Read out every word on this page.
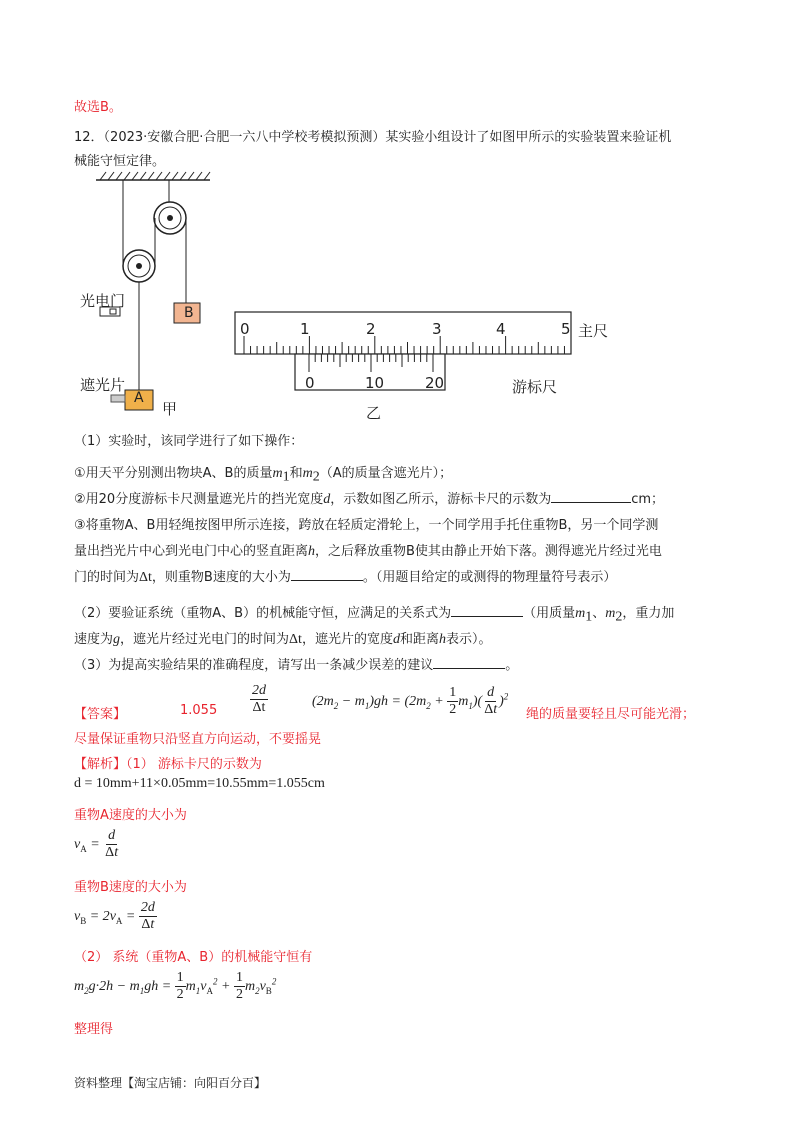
故选B。
12．（2023·安徽合肥·合肥一六八中学校考模拟预测）某实验小组设计了如图甲所示的实验装置来验证机
械能守恒定律。
光电门
遮光片
B
A
甲
0	1	2	3	4	5 主尺
0	10	20	游标尺
乙
（1）实验时，该同学进行了如下操作：
①用天平分别测出物块A、B的质量$m_1$和$m_2(A$的质量含遮光片）；
②用20分度游标卡尺测量遮光片的挡光宽度d，示数如图乙所示，游标卡尺的示数为	cm；
③将重物A、B用轻绳按图甲所示连接，跨放在轻质定滑轮上，一个同学用手托住重物B，另一个同学测
量出挡光片中心到光电门中心的竖直距离h，之后释放重物B使其由静止开始下落。测得遮光片经过光电
门的时间为Δt，则重物B速度的大小为	。（用题目给定的或测得的物理量符号表示）
（2）要验证系统（重物A、B）的机械能守恒，应满足的关系式为	（用质量$m_1$、$m_2$，重力加
速度为g，遮光片经过光电门的时间为Δt，遮光片的宽度d和距离h表示）。
（3）为提高实验结果的准确程度，请写出一条减少误差的建议	。
【答案】	$1.055 \frac{2d}{\Delta t}$	$(2m_2 - m_1)gh = (2m_2 + \frac{1}{2} m_1)( \frac{d}{\Delta t} )^2$
绳的质量要轻且尽可能光滑；
尽量保证重物只沿竖直方向运动，不要摇晃
【解析】（1） 游标卡尺的示数为
d = 10mm+11×0.05mm=10.55mm=1.055cm
重物A速度的大小为
$v_A = \frac{d}{\Delta t}$
重物B速度的大小为
$v_B = 2v_A = \frac{2d}{\Delta t}$
（2） 系统（重物A、B）的机械能守恒有
$m_2g\cdot 2h - m_1gh = \frac{1}{2} m_1v_A^2 + \frac{1}{2} m_2v_B^2$
整理得
资料整理【淘宝店铺：向阳百分百】
